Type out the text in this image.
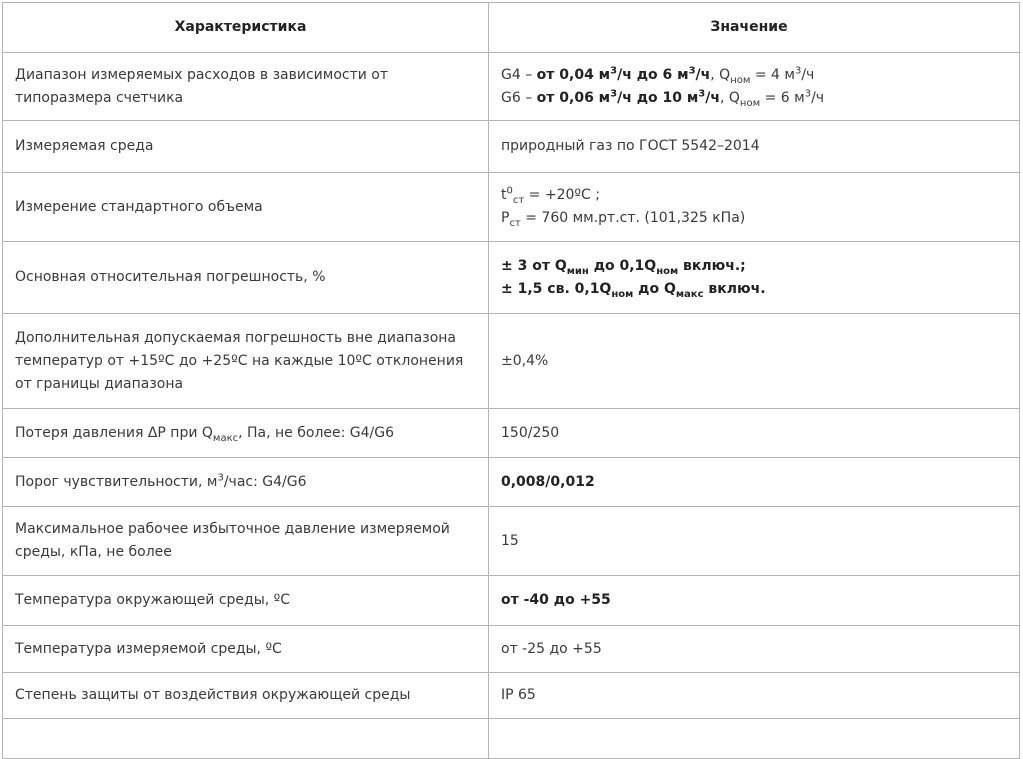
Характеристика	Значение

Диапазон измеряемых расходов в зависимости от типоразмера счетчика	G4 – от 0,04 $м^3/ч$ до 6 $м^3/ч$, $Q_{ном} = 4$ $м^3/ч$
G6 – от 0,06 $м^3/ч$ до 10 $м^3/ч$, $Q_{ном} = 6$ $м^3/ч$

Измеряемая среда	природный газ по ГОСТ 5542–2014

Измерение стандартного объема	$t^0_{ст}$ = +20ºС ;
$P_{ст} = 760$ мм.рт.ст. (101,325 кПа)

Основная относительная погрешность, %	± 3 от $Q_{мин}$ до $0,1Q_{ном}$ включ.;
± 1,5 св. $0,1Q_{ном}$ до $Q_{макс}$ включ.

Дополнительная допускаемая погрешность вне диапазона температур от +15ºС до +25ºС на каждые 10ºС отклонения от границы диапазона	±0,4%

Потеря давления ΔP при $Q_{макс}$, Па, не более: G4/G6	150/250

Порог чувствительности, $м^3$/час: G4/G6	0,008/0,012

Максимальное рабочее избыточное давление измеряемой среды, кПа, не более	15

Температура окружающей среды, ºС	от -40 до +55

Температура измеряемой среды, ºС	от -25 до +55

Степень защиты от воздействия окружающей среды	IP 65
